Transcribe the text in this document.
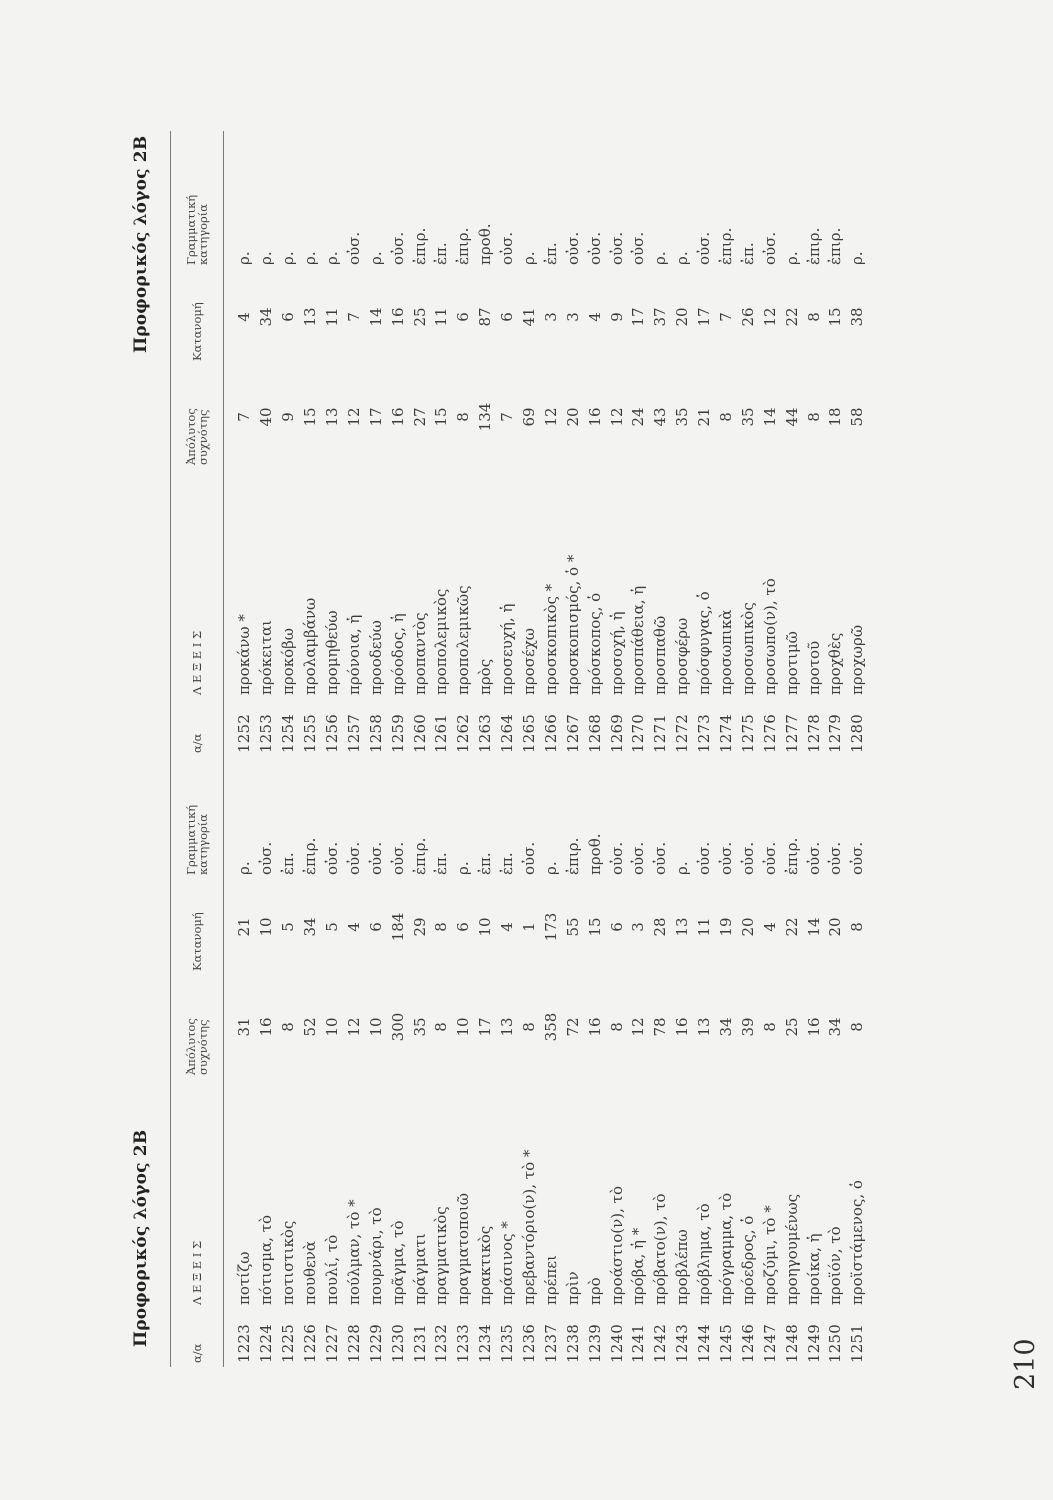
210
Προφορικός λόγος 2Β
Προφορικός λόγος 2Β
α/α	Λ Ε Ξ Ε Ι Σ	Ἀπόλυτος συχνότης	Κατανομή	Γραμματική κατηγορία
1223	ποτίζω	31	21	ρ.
1224	πότισμα, τὸ	16	10	οὐσ.
1225	ποτιστικὸς	8	5	ἐπ.
1226	πουθενὰ	52	34	ἐπιρ.
1227	πουλί, τὸ	10	5	οὐσ.
1228	πούλμαν, τὸ *	12	4	οὐσ.
1229	πουρνάρι, τὸ	10	6	οὐσ.
1230	πρᾶγμα, τὸ	300	184	οὐσ.
1231	πράγματι	35	29	ἐπιρ.
1232	πραγματικὸς	8	8	ἐπ.
1233	πραγματοποιῶ	10	6	ρ.
1234	πρακτικὸς	17	10	ἐπ.
1235	πράσινος *	13	4	ἐπ.
1236	πρεβαντόριο(ν), τὸ *	8	1	οὐσ.
1237	πρέπει	358	173	ρ.
1238	πρὶν	72	55	ἐπιρ.
1239	πρὸ	16	15	προθ.
1240	προάστιο(ν), τὸ	8	6	οὐσ.
1241	πρόβα, ἡ *	12	3	οὐσ.
1242	πρόβατο(ν), τὸ	78	28	οὐσ.
1243	προβλέπω	16	13	ρ.
1244	πρόβλημα, τὸ	13	11	οὐσ.
1245	πρόγραμμα, τὸ	34	19	οὐσ.
1246	πρόεδρος, ὁ	39	20	οὐσ.
1247	προζύμι, τὸ *	8	4	οὐσ.
1248	προηγουμένως	25	22	ἐπιρ.
1249	προίκα, ἡ	16	14	οὐσ.
1250	προϊόν, τὸ	34	20	οὐσ.
1251	προϊστάμενος, ὁ	8	8	οὐσ.
α/α	Λ Ε Ξ Ε Ι Σ	Ἀπόλυτος συχνότης	Κατανομή	Γραμματική κατηγορία
1252	προκάνω *	7	4	ρ.
1253	πρόκειται	40	34	ρ.
1254	προκόβω	9	6	ρ.
1255	προλαμβάνω	15	13	ρ.
1256	προμηθεύω	13	11	ρ.
1257	πρόνοια, ἡ	12	7	οὐσ.
1258	προοδεύω	17	14	ρ.
1259	πρόοδος, ἡ	16	16	οὐσ.
1260	προπαντὸς	27	25	ἐπιρ.
1261	προπολεμικὸς	15	11	ἐπ.
1262	προπολεμικῶς	8	6	ἐπιρ.
1263	πρὸς	134	87	προθ.
1264	προσευχή, ἡ	7	6	οὐσ.
1265	προσέχω	69	41	ρ.
1266	προσκοπικὸς *	12	3	ἐπ.
1267	προσκοπισμός, ὁ *	20	3	οὐσ.
1268	πρόσκοπος, ὁ	16	4	οὐσ.
1269	προσοχή, ἡ	12	9	οὐσ.
1270	προσπάθεια, ἡ	24	17	οὐσ.
1271	προσπαθῶ	43	37	ρ.
1272	προσφέρω	35	20	ρ.
1273	πρόσφυγας, ὁ	21	17	οὐσ.
1274	προσωπικὰ	8	7	ἐπιρ.
1275	προσωπικὸς	35	26	ἐπ.
1276	προσωπο(ν), τὸ	14	12	οὐσ.
1277	προτιμῶ	44	22	ρ.
1278	προτοῦ	8	8	ἐπιρ.
1279	προχθὲς	18	15	ἐπιρ.
1280	προχωρῶ	58	38	ρ.
